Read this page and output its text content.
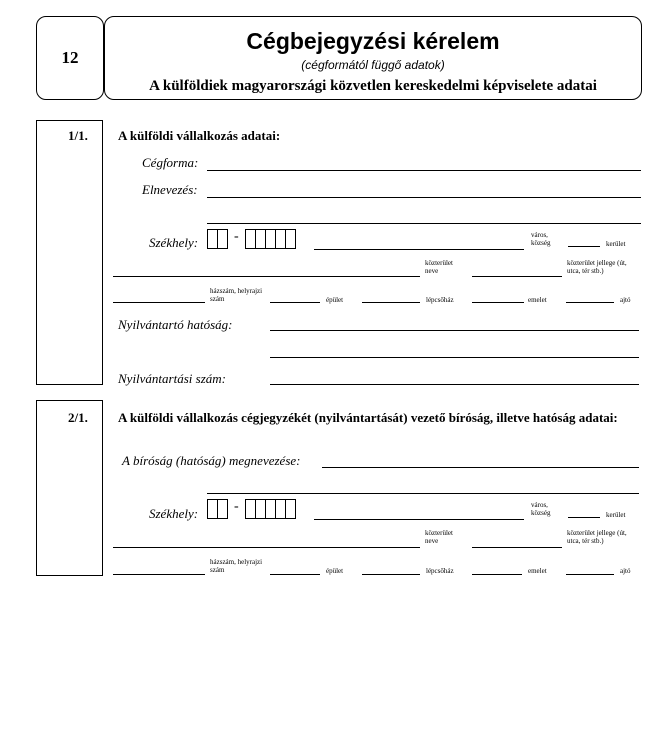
12
Cégbejegyzési kérelem
(cégformától függő adatok)
A külföldiek magyarországi közvetlen kereskedelmi képviselete adatai
1/1. A külföldi vállalkozás adatai:
Cégforma:
Elnevezés:
Székhely:	-	város, község	kerület
közterület neve
közterület jellege (út, utca, tér stb.)
házszám, helyrajzi szám	épület	lépcsőház	emelet	ajtó
Nyilvántartó hatóság:
Nyilvántartási szám:
2/1. A külföldi vállalkozás cégjegyzékét (nyilvántartását) vezető bíróság, illetve hatóság adatai:
A bíróság (hatóság) megnevezése:
Székhely:	-	város, község	kerület
közterület neve
közterület jellege (út, utca, tér stb.)
házszám, helyrajzi szám	épület	lépcsőház	emelet	ajtó
